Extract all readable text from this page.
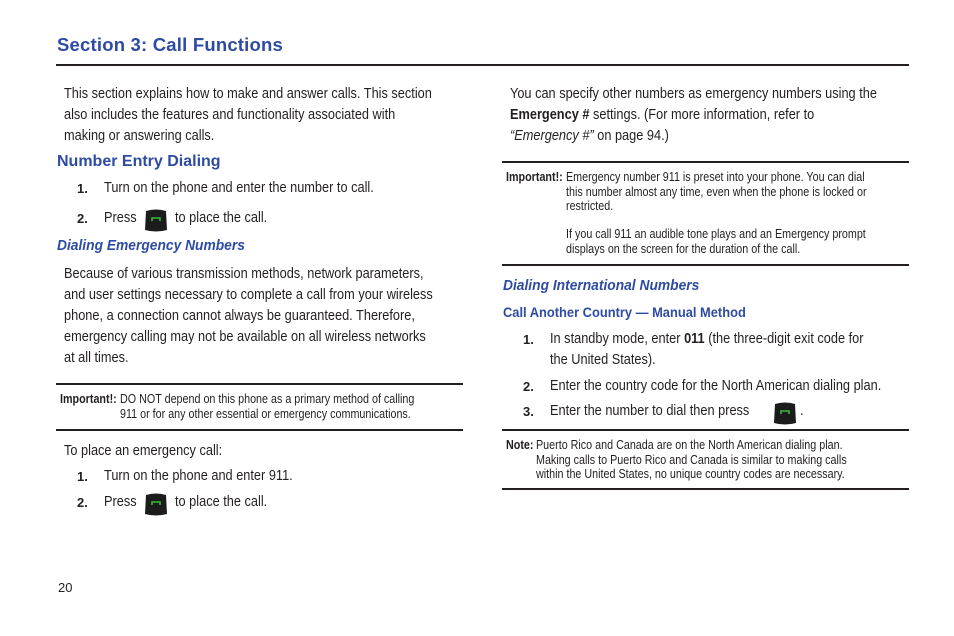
Section 3: Call Functions
This section explains how to make and answer calls. This section
also includes the features and functionality associated with
making or answering calls.
Number Entry Dialing
1. Turn on the phone and enter the number to call.
2. Press	to place the call.
Dialing Emergency Numbers
Because of various transmission methods, network parameters,
and user settings necessary to complete a call from your wireless
phone, a connection cannot always be guaranteed. Therefore,
emergency calling may not be available on all wireless networks
at all times.
Important!: DO NOT depend on this phone as a primary method of calling
911 or for any other essential or emergency communications.
To place an emergency call:
1. Turn on the phone and enter 911.
2. Press	to place the call.
You can specify other numbers as emergency numbers using the
Emergency # settings. (For more information, refer to
“Emergency #” on page 94.)
Important!: Emergency number 911 is preset into your phone. You can dial
this number almost any time, even when the phone is locked or
restricted.
If you call 911 an audible tone plays and an Emergency prompt
displays on the screen for the duration of the call.
Dialing International Numbers
Call Another Country — Manual Method
1. In standby mode, enter 011 (the three-digit exit code for
the United States).
2. Enter the country code for the North American dialing plan.
3. Enter the number to dial then press	.
Note: Puerto Rico and Canada are on the North American dialing plan.
Making calls to Puerto Rico and Canada is similar to making calls
within the United States, no unique country codes are necessary.
20
